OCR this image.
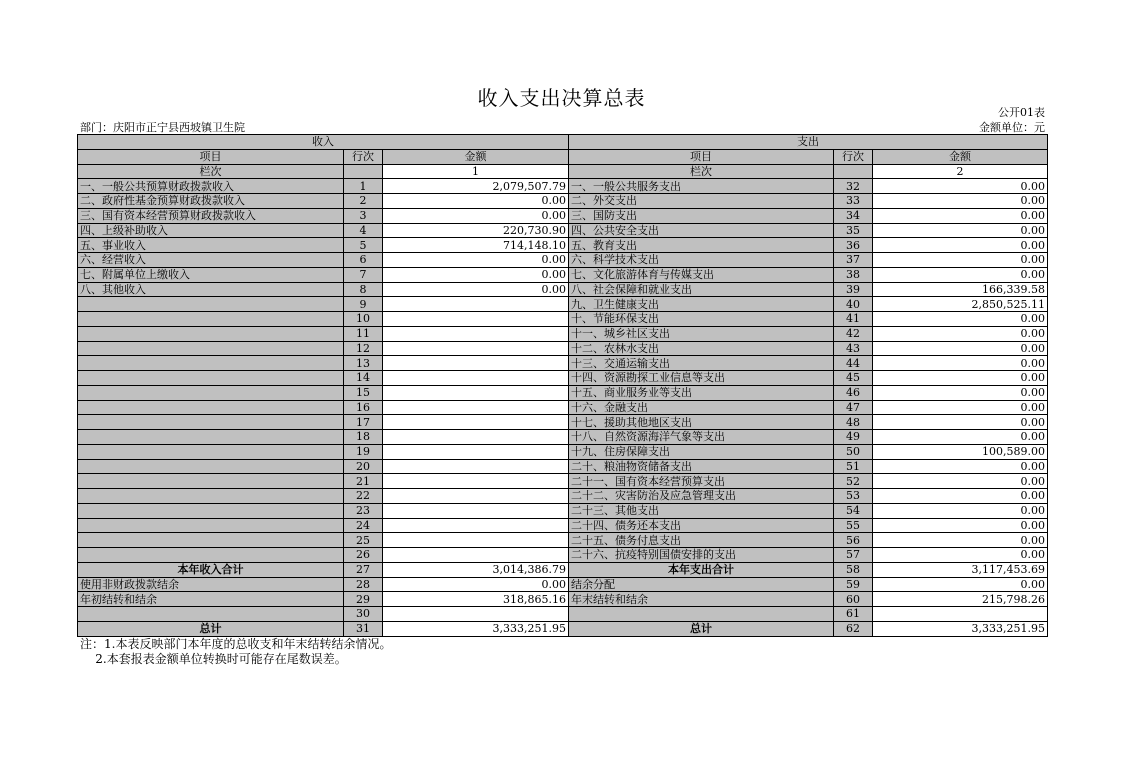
收入支出决算总表
公开01表
部门：庆阳市正宁县西坡镇卫生院	金额单位：元
收入			支出		
项目	行次	金额	项目	行次	金额
栏次		1	栏次		2
一、一般公共预算财政拨款收入	1	2,079,507.79	一、一般公共服务支出	32	0.00
二、政府性基金预算财政拨款收入	2	0.00	二、外交支出	33	0.00
三、国有资本经营预算财政拨款收入	3	0.00	三、国防支出	34	0.00
四、上级补助收入	4	220,730.90	四、公共安全支出	35	0.00
五、事业收入	5	714,148.10	五、教育支出	36	0.00
六、经营收入	6	0.00	六、科学技术支出	37	0.00
七、附属单位上缴收入	7	0.00	七、文化旅游体育与传媒支出	38	0.00
八、其他收入	8	0.00	八、社会保障和就业支出	39	166,339.58
	9		九、卫生健康支出	40	2,850,525.11
	10		十、节能环保支出	41	0.00
	11		十一、城乡社区支出	42	0.00
	12		十二、农林水支出	43	0.00
	13		十三、交通运输支出	44	0.00
	14		十四、资源勘探工业信息等支出	45	0.00
	15		十五、商业服务业等支出	46	0.00
	16		十六、金融支出	47	0.00
	17		十七、援助其他地区支出	48	0.00
	18		十八、自然资源海洋气象等支出	49	0.00
	19		十九、住房保障支出	50	100,589.00
	20		二十、粮油物资储备支出	51	0.00
	21		二十一、国有资本经营预算支出	52	0.00
	22		二十二、灾害防治及应急管理支出	53	0.00
	23		二十三、其他支出	54	0.00
	24		二十四、债务还本支出	55	0.00
	25		二十五、债务付息支出	56	0.00
	26		二十六、抗疫特别国债安排的支出	57	0.00
本年收入合计	27	3,014,386.79	本年支出合计	58	3,117,453.69
使用非财政拨款结余	28	0.00	结余分配	59	0.00
年初结转和结余	29	318,865.16	年末结转和结余	60	215,798.26
	30			61	
总计	31	3,333,251.95	总计	62	3,333,251.95
注：1.本表反映部门本年度的总收支和年末结转结余情况。
2.本套报表金额单位转换时可能存在尾数误差。
